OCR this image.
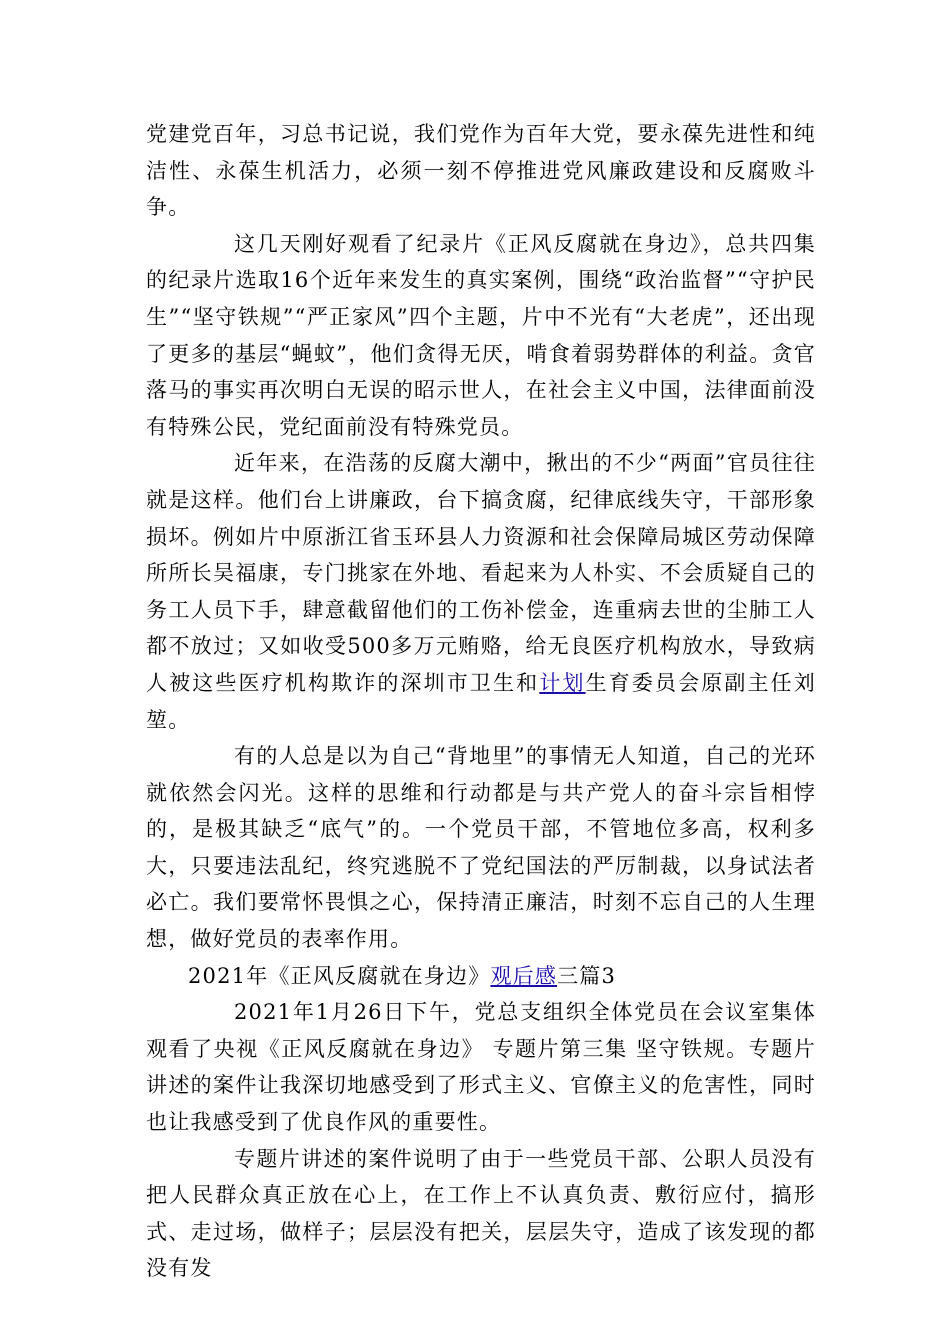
党建党百年，习总书记说，我们党作为百年大党，要永葆先进性和纯洁性、永葆生机活力，必须一刻不停推进党风廉政建设和反腐败斗争。

这几天刚好观看了纪录片《正风反腐就在身边》，总共四集的纪录片选取16个近年来发生的真实案例，围绕“政治监督”“守护民生”“坚守铁规”“严正家风”四个主题，片中不光有“大老虎”，还出现了更多的基层“蝇蚊”，他们贪得无厌，啃食着弱势群体的利益。贪官落马的事实再次明白无误的昭示世人，在社会主义中国，法律面前没有特殊公民，党纪面前没有特殊党员。

近年来，在浩荡的反腐大潮中，揪出的不少“两面”官员往往就是这样。他们台上讲廉政，台下搞贪腐，纪律底线失守，干部形象损坏。例如片中原浙江省玉环县人力资源和社会保障局城区劳动保障所所长吴福康，专门挑家在外地、看起来为人朴实、不会质疑自己的务工人员下手，肆意截留他们的工伤补偿金，连重病去世的尘肺工人都不放过；又如收受500多万元贿赂，给无良医疗机构放水，导致病人被这些医疗机构欺诈的深圳市卫生和计划生育委员会原副主任刘堃。

有的人总是以为自己“背地里”的事情无人知道，自己的光环就依然会闪光。这样的思维和行动都是与共产党人的奋斗宗旨相悖的，是极其缺乏“底气”的。一个党员干部，不管地位多高，权利多大，只要违法乱纪，终究逃脱不了党纪国法的严厉制裁，以身试法者必亡。我们要常怀畏惧之心，保持清正廉洁，时刻不忘自己的人生理想，做好党员的表率作用。

2021年《正风反腐就在身边》观后感三篇3

2021年1月26日下午，党总支组织全体党员在会议室集体观看了央视《正风反腐就在身边》 专题片第三集 坚守铁规。专题片讲述的案件让我深切地感受到了形式主义、官僚主义的危害性，同时也让我感受到了优良作风的重要性。

专题片讲述的案件说明了由于一些党员干部、公职人员没有把人民群众真正放在心上，在工作上不认真负责、敷衍应付，搞形式、走过场，做样子；层层没有把关，层层失守，造成了该发现的都没有发
